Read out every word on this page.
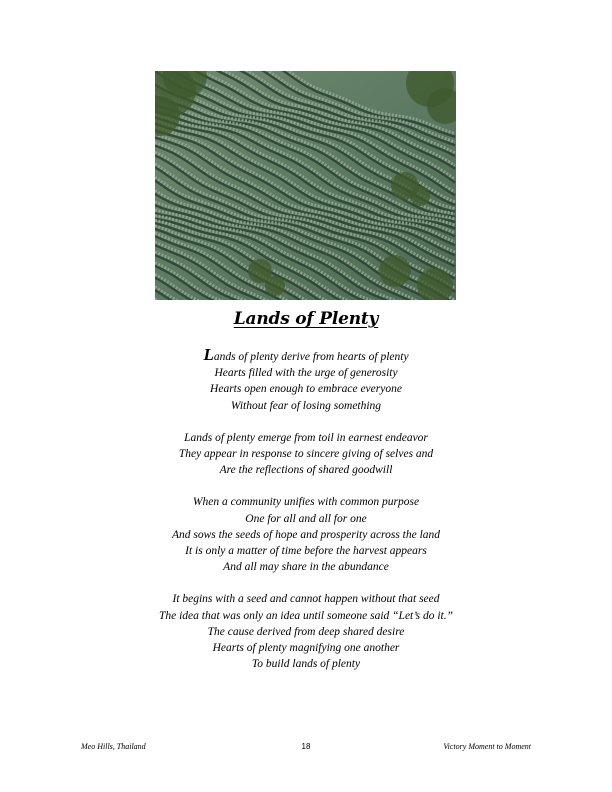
Lands of Plenty
Lands of plenty derive from hearts of plenty
Hearts filled with the urge of generosity
Hearts open enough to embrace everyone
Without fear of losing something
Lands of plenty emerge from toil in earnest endeavor
They appear in response to sincere giving of selves and
Are the reflections of shared goodwill
When a community unifies with common purpose
One for all and all for one
And sows the seeds of hope and prosperity across the land
It is only a matter of time before the harvest appears
And all may share in the abundance
It begins with a seed and cannot happen without that seed
The idea that was only an idea until someone said “Let’s do it.”
The cause derived from deep shared desire
Hearts of plenty magnifying one another
To build lands of plenty
Meo Hills, Thailand	18	Victory Moment to Moment
